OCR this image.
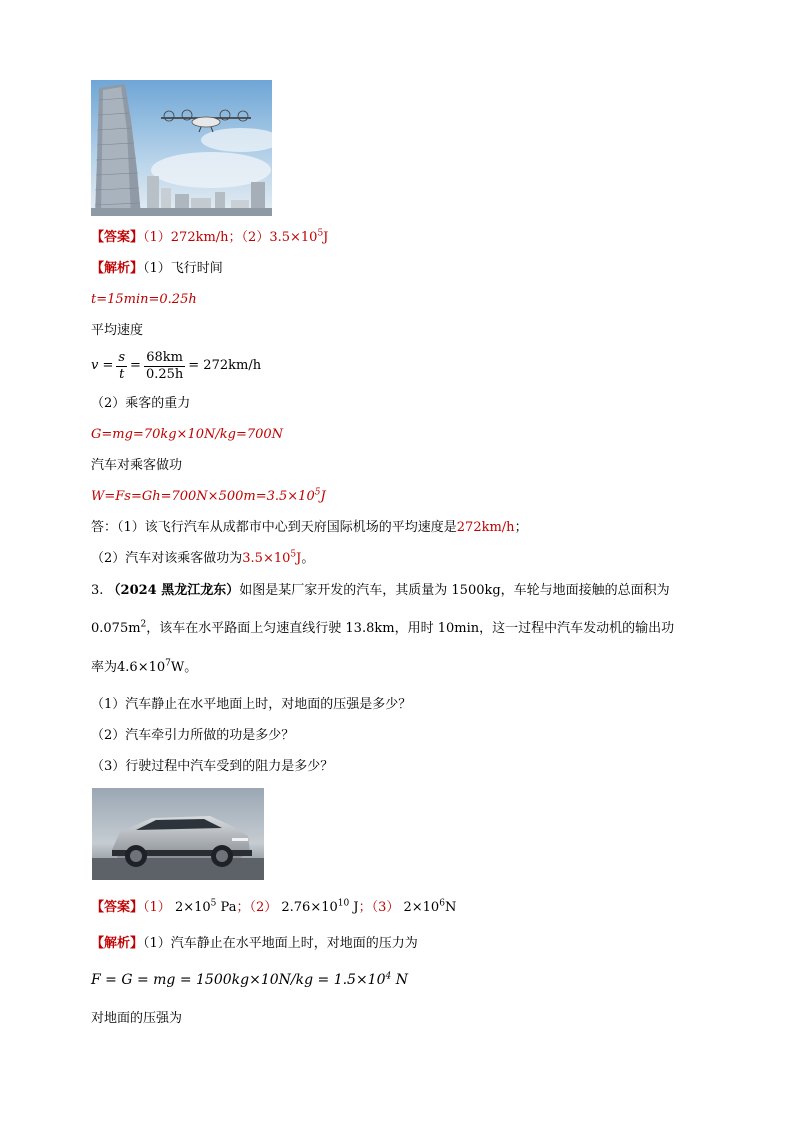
【答案】（1）272km/h；$(2)3.5\times 10^5J$
【解析】（1）飞行时间
t=15min=0.25h
平均速度
$v = \frac{s}{t} = \frac{68km}{0.25h} = 272km/h$
（2）乘客的重力
G=mg=70kg×10N/kg=700N
汽车对乘客做功
$W=Fs=Gh=700N\times 500m=3.5\times 10^5J$
答：（1）该飞行汽车从成都市中心到天府国际机场的平均速度是272km/h；
（2）汽车对该乘客做功为$3.5\times 10^5J$。
3. （2024 黑龙江龙东）如图是某厂家开发的汽车，其质量为 1500kg，车轮与地面接触的总面积为
$0.075m^2$，该车在水平路面上匀速直线行驶 13.8km，用时 10min，这一过程中汽车发动机的输出功
率为$4.6\times 10^7W$。
（1）汽车静止在水平地面上时，对地面的压强是多少？
（2）汽车牵引力所做的功是多少？
（3）行驶过程中汽车受到的阻力是多少？
【答案】（1） $2\times 10^5$ Pa；（2） $2.76\times 10^{10}$ J；（3） $2\times 10^6N$
【解析】（1）汽车静止在水平地面上时，对地面的压力为
F = G = mg = $1500kg\times 10N/kg = 1.5\times 10^4$ N
对地面的压强为
